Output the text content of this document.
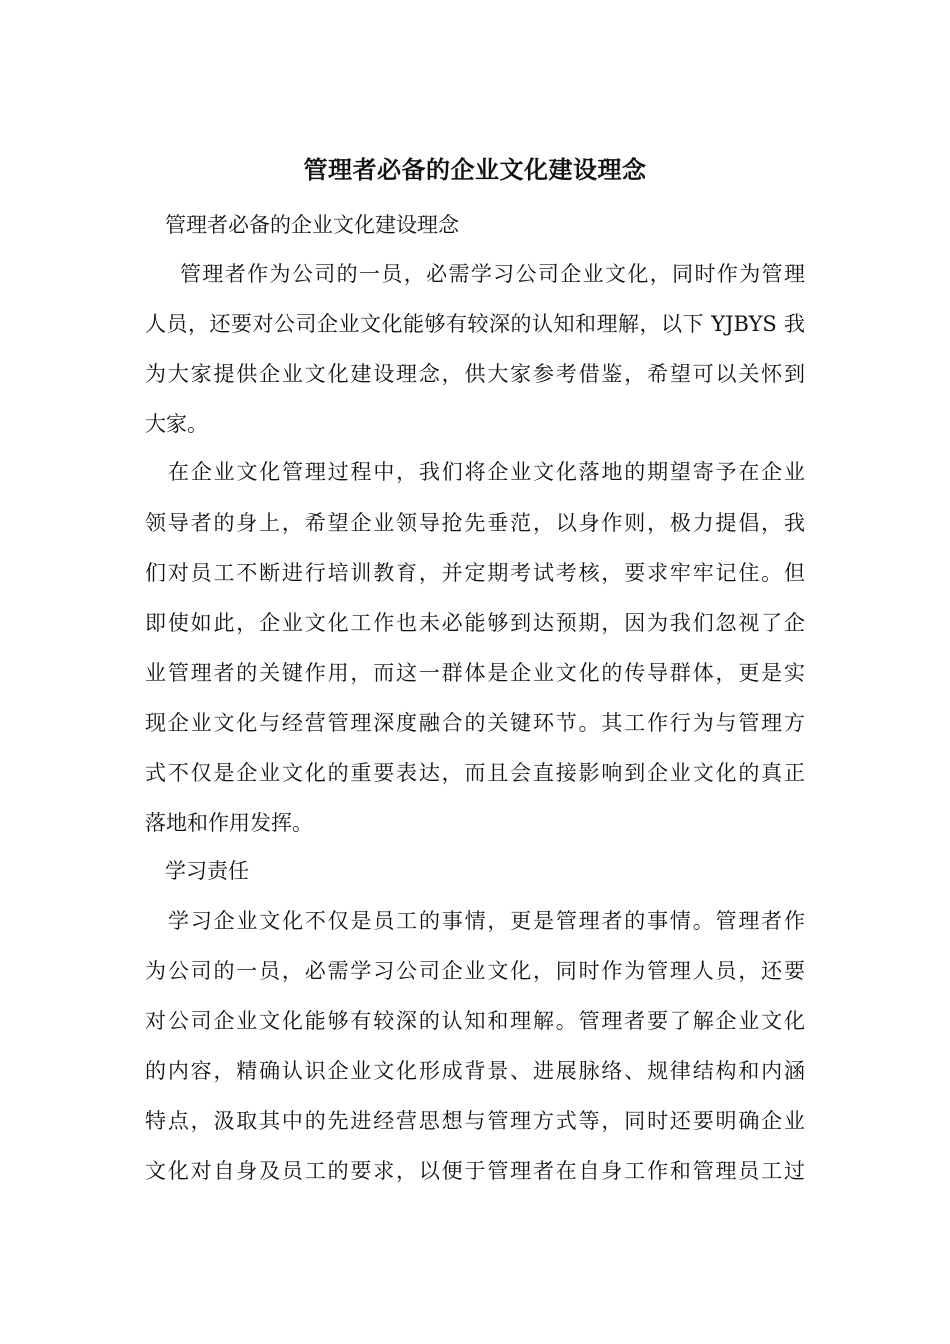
管理者必备的企业文化建设理念
管理者必备的企业文化建设理念
管理者作为公司的一员，必需学习公司企业文化，同时作为管理
人员，还要对公司企业文化能够有较深的认知和理解，以下 YJBYS 我
为大家提供企业文化建设理念，供大家参考借鉴，希望可以关怀到
大家。
在企业文化管理过程中，我们将企业文化落地的期望寄予在企业
领导者的身上，希望企业领导抢先垂范，以身作则，极力提倡，我
们对员工不断进行培训教育，并定期考试考核，要求牢牢记住。但
即使如此，企业文化工作也未必能够到达预期，因为我们忽视了企
业管理者的关键作用，而这一群体是企业文化的传导群体，更是实
现企业文化与经营管理深度融合的关键环节。其工作行为与管理方
式不仅是企业文化的重要表达，而且会直接影响到企业文化的真正
落地和作用发挥。
学习责任
学习企业文化不仅是员工的事情，更是管理者的事情。管理者作
为公司的一员，必需学习公司企业文化，同时作为管理人员，还要
对公司企业文化能够有较深的认知和理解。管理者要了解企业文化
的内容，精确认识企业文化形成背景、进展脉络、规律结构和内涵
特点，汲取其中的先进经营思想与管理方式等，同时还要明确企业
文化对自身及员工的要求，以便于管理者在自身工作和管理员工过
